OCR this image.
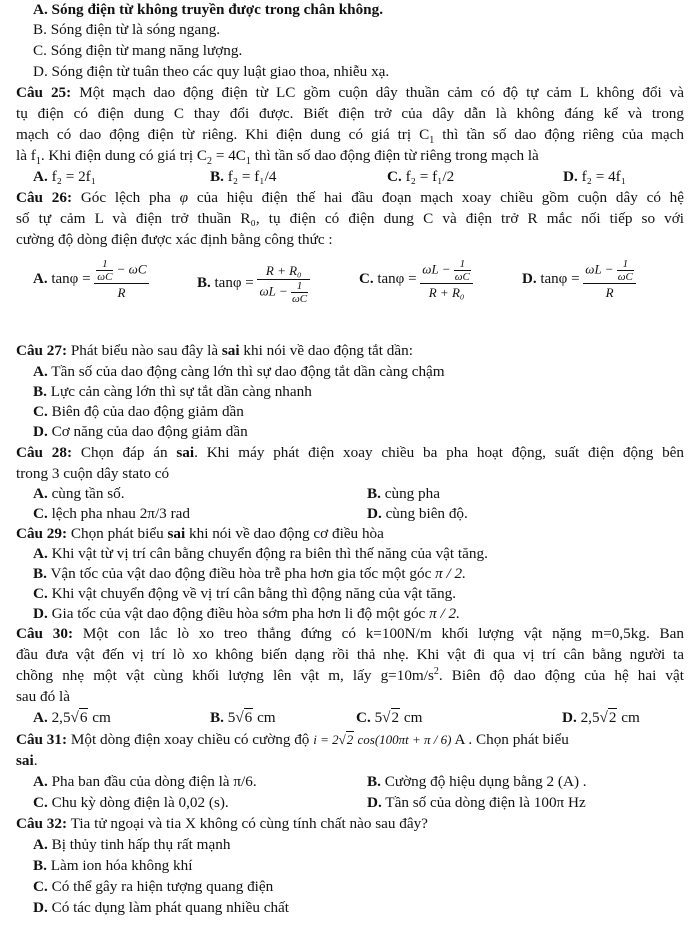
A. Sóng điện từ không truyền được trong chân không.
B. Sóng điện từ là sóng ngang.
C. Sóng điện từ mang năng lượng.
D. Sóng điện từ tuân theo các quy luật giao thoa, nhiễu xạ.
Câu 25: Một mạch dao động điện từ LC gồm cuộn dây thuần cảm có độ tự cảm L không đổi và
tụ điện có điện dung C thay đổi được. Biết điện trở của dây dẫn là không đáng kể và trong
mạch có dao động điện từ riêng. Khi điện dung có giá trị $C_1$ thì tần số dao động riêng của mạch
là $f_1$. Khi điện dung có giá trị $C_2 = 4C_1$ thì tần số dao động điện từ riêng trong mạch là
A. f₂ = 2f₁	B. f₂ = f₁/4	C. f₂ = f₁/2	D. f₂ = 4f₁
Câu 26: Góc lệch pha φ của hiệu điện thế hai đầu đoạn mạch xoay chiều gồm cuộn dây có hệ
số tự cảm L và điện trở thuần R₀, tụ điện có điện dung C và điện trở R mắc nối tiếp so với
cường độ dòng điện được xác định bằng công thức :
A. $\tan\varphi = \frac{\frac{1}{\omega C} - \omega C}{R}$	B. $\tan\varphi = \frac{\text{R + R₀}}{\omega L - \frac{1}{\omega C}}$	C. $\tan\varphi = \frac{\omega L - \frac{1}{\omega C}}{\text{R + R₀}}$	D. $\tan\varphi = \frac{\omega L - \frac{1}{\omega C}}{R}$
Câu 27: Phát biểu nào sau đây là sai khi nói về dao động tắt dần:
A. Tần số của dao động càng lớn thì sự dao động tắt dần càng chậm
B. Lực cản càng lớn thì sự tắt dần càng nhanh
C. Biên độ của dao động giảm dần
D. Cơ năng của dao động giảm dần
Câu 28: Chọn đáp án sai. Khi máy phát điện xoay chiều ba pha hoạt động, suất điện động bên
trong 3 cuộn dây stato có
A. cùng tần số.	B. cùng pha
C. lệch pha nhau 2π/3 rad	D. cùng biên độ.
Câu 29: Chọn phát biểu sai khi nói về dao động cơ điều hòa
A. Khi vật từ vị trí cân bằng chuyển động ra biên thì thế năng của vật tăng.
B. Vận tốc của vật dao động điều hòa trễ pha hơn gia tốc một góc π / 2.
C. Khi vật chuyển động về vị trí cân bằng thì động năng của vật tăng.
D. Gia tốc của vật dao động điều hòa sớm pha hơn li độ một góc π / 2.
Câu 30: Một con lắc lò xo treo thẳng đứng có k=100N/m khối lượng vật nặng m=0,5kg. Ban
đầu đưa vật đến vị trí lò xo không biến dạng rồi thả nhẹ. Khi vật đi qua vị trí cân bằng người ta
chồng nhẹ một vật cùng khối lượng lên vật m, lấy $g=10m/s^2$. Biên độ dao động của hệ hai vật
sau đó là
A. 2,5√6 cm	B. 5√6 cm	C. 5√2 cm	D. 2,5√2 cm
Câu 31: Một dòng điện xoay chiều có cường độ i = 2√2 cos(100πt + π / 6) A . Chọn phát biểu
sai.
A. Pha ban đầu của dòng điện là π/6.	B. Cường độ hiệu dụng bằng 2 (A) .
C. Chu kỳ dòng điện là 0,02 (s).	D. Tần số của dòng điện là 100π Hz
Câu 32: Tia tử ngoại và tia X không có cùng tính chất nào sau đây?
A. Bị thủy tinh hấp thụ rất mạnh
B. Làm ion hóa không khí
C. Có thể gây ra hiện tượng quang điện
D. Có tác dụng làm phát quang nhiều chất
